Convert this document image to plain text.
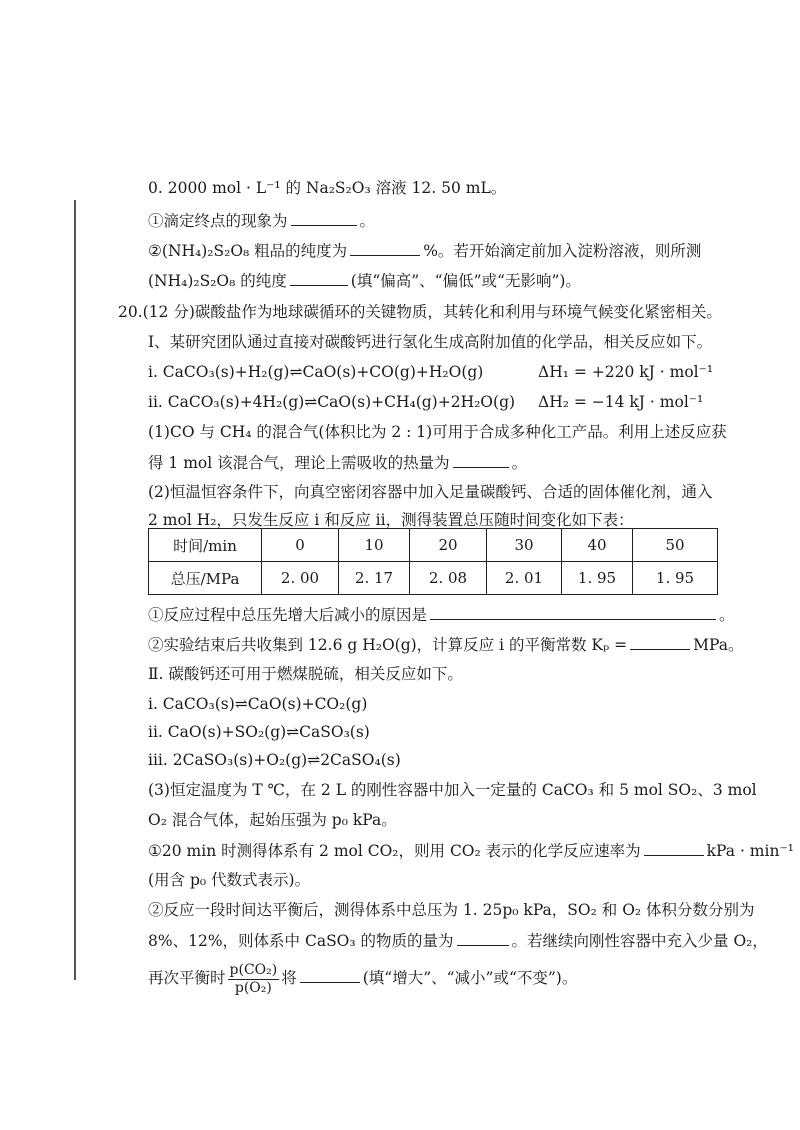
0. 2000 mol · L⁻¹ 的 Na₂S₂O₃ 溶液 12. 50 mL。
①滴定终点的现象为	。
②(NH₄)₂S₂O₈ 粗品的纯度为	%。若开始滴定前加入淀粉溶液，则所测
(NH₄)₂S₂O₈ 的纯度	(填“偏高”、“偏低”或“无影响”)。
20.(12 分)碳酸盐作为地球碳循环的关键物质，其转化和利用与环境气候变化紧密相关。
Ⅰ、某研究团队通过直接对碳酸钙进行氢化生成高附加值的化学品，相关反应如下。
i. CaCO₃(s)+H₂(g)⇌CaO(s)+CO(g)+H₂O(g)	ΔH₁ = +220 kJ · mol⁻¹
ii. CaCO₃(s)+4H₂(g)⇌CaO(s)+CH₄(g)+2H₂O(g) ΔH₂ = −14 kJ · mol⁻¹
(1)CO 与 CH₄ 的混合气(体积比为 2 : 1)可用于合成多种化工产品。利用上述反应获
得 1 mol 该混合气，理论上需吸收的热量为	。
(2)恒温恒容条件下，向真空密闭容器中加入足量碳酸钙、合适的固体催化剂，通入
2 mol H₂，只发生反应 i 和反应 ii，测得装置总压随时间变化如下表：
时间/min	0	10	20	30	40	50
总压/MPa	2. 00	2. 17	2. 08	2. 01	1. 95	1. 95
①反应过程中总压先增大后减小的原因是	。
②实验结束后共收集到 12.6 g H₂O(g)，计算反应 i 的平衡常数 Kₚ =	MPa。
Ⅱ. 碳酸钙还可用于燃煤脱硫，相关反应如下。
i. CaCO₃(s)⇌CaO(s)+CO₂(g)
ii. CaO(s)+SO₂(g)⇌CaSO₃(s)
iii. 2CaSO₃(s)+O₂(g)⇌2CaSO₄(s)
(3)恒定温度为 T ℃，在 2 L 的刚性容器中加入一定量的 CaCO₃ 和 5 mol SO₂、3 mol
O₂ 混合气体，起始压强为 p₀ kPa。
①20 min 时测得体系有 2 mol CO₂，则用 CO₂ 表示的化学反应速率为	kPa · min⁻¹
(用含 p₀ 代数式表示)。
②反应一段时间达平衡后，测得体系中总压为 1. 25p₀ kPa，SO₂ 和 O₂ 体积分数分别为
8%、12%，则体系中 CaSO₃ 的物质的量为	。若继续向刚性容器中充入少量 O₂，
再次平衡时 $\frac{\text{p(CO₂)}}{\text{p(O₂)}}$ 将	(填“增大”、“减小”或“不变”)。
